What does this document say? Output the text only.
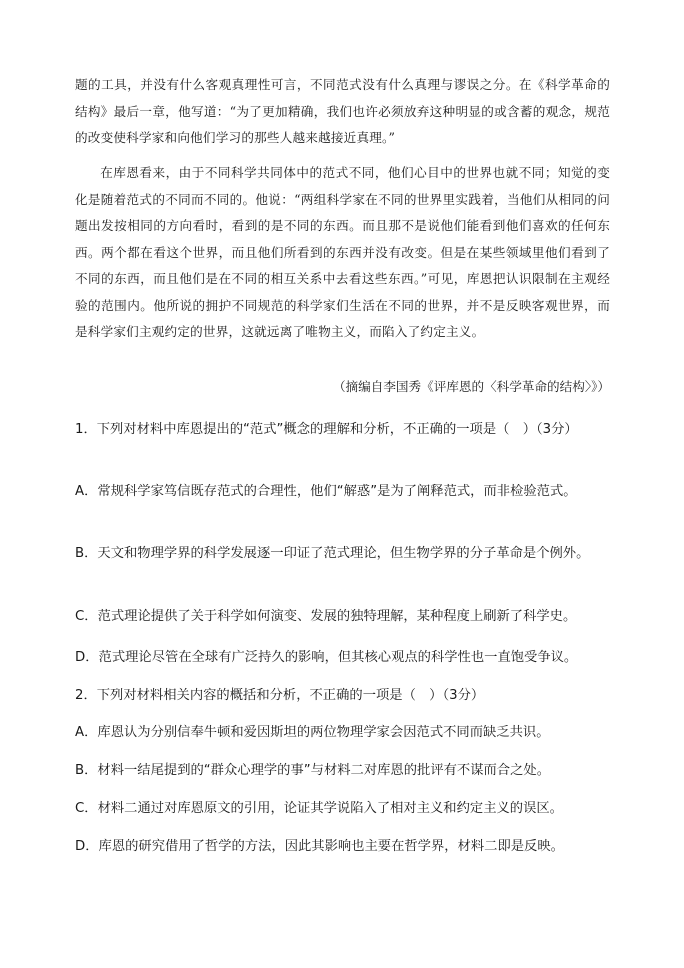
题的工具，并没有什么客观真理性可言，不同范式没有什么真理与谬误之分。在《科学革命的结构》最后一章，他写道：“为了更加精确，我们也许必须放弃这种明显的或含蓄的观念，规范的改变使科学家和向他们学习的那些人越来越接近真理。”
在库恩看来，由于不同科学共同体中的范式不同，他们心目中的世界也就不同；知觉的变化是随着范式的不同而不同的。他说：“两组科学家在不同的世界里实践着，当他们从相同的问题出发按相同的方向看时，看到的是不同的东西。而且那不是说他们能看到他们喜欢的任何东西。两个都在看这个世界，而且他们所看到的东西并没有改变。但是在某些领域里他们看到了不同的东西，而且他们是在不同的相互关系中去看这些东西。”可见，库恩把认识限制在主观经验的范围内。他所说的拥护不同规范的科学家们生活在不同的世界，并不是反映客观世界，而是科学家们主观约定的世界，这就远离了唯物主义，而陷入了约定主义。
（摘编自李国秀《评库恩的〈科学革命的结构〉》）
1．下列对材料中库恩提出的“范式”概念的理解和分析，不正确的一项是（　）（3分）
A．常规科学家笃信既存范式的合理性，他们“解惑”是为了阐释范式，而非检验范式。
B．天文和物理学界的科学发展逐一印证了范式理论，但生物学界的分子革命是个例外。
C．范式理论提供了关于科学如何演变、发展的独特理解，某种程度上刷新了科学史。
D．范式理论尽管在全球有广泛持久的影响，但其核心观点的科学性也一直饱受争议。
2．下列对材料相关内容的概括和分析，不正确的一项是（　）（3分）
A．库恩认为分别信奉牛顿和爱因斯坦的两位物理学家会因范式不同而缺乏共识。
B．材料一结尾提到的“群众心理学的事”与材料二对库恩的批评有不谋而合之处。
C．材料二通过对库恩原文的引用，论证其学说陷入了相对主义和约定主义的误区。
D．库恩的研究借用了哲学的方法，因此其影响也主要在哲学界，材料二即是反映。
